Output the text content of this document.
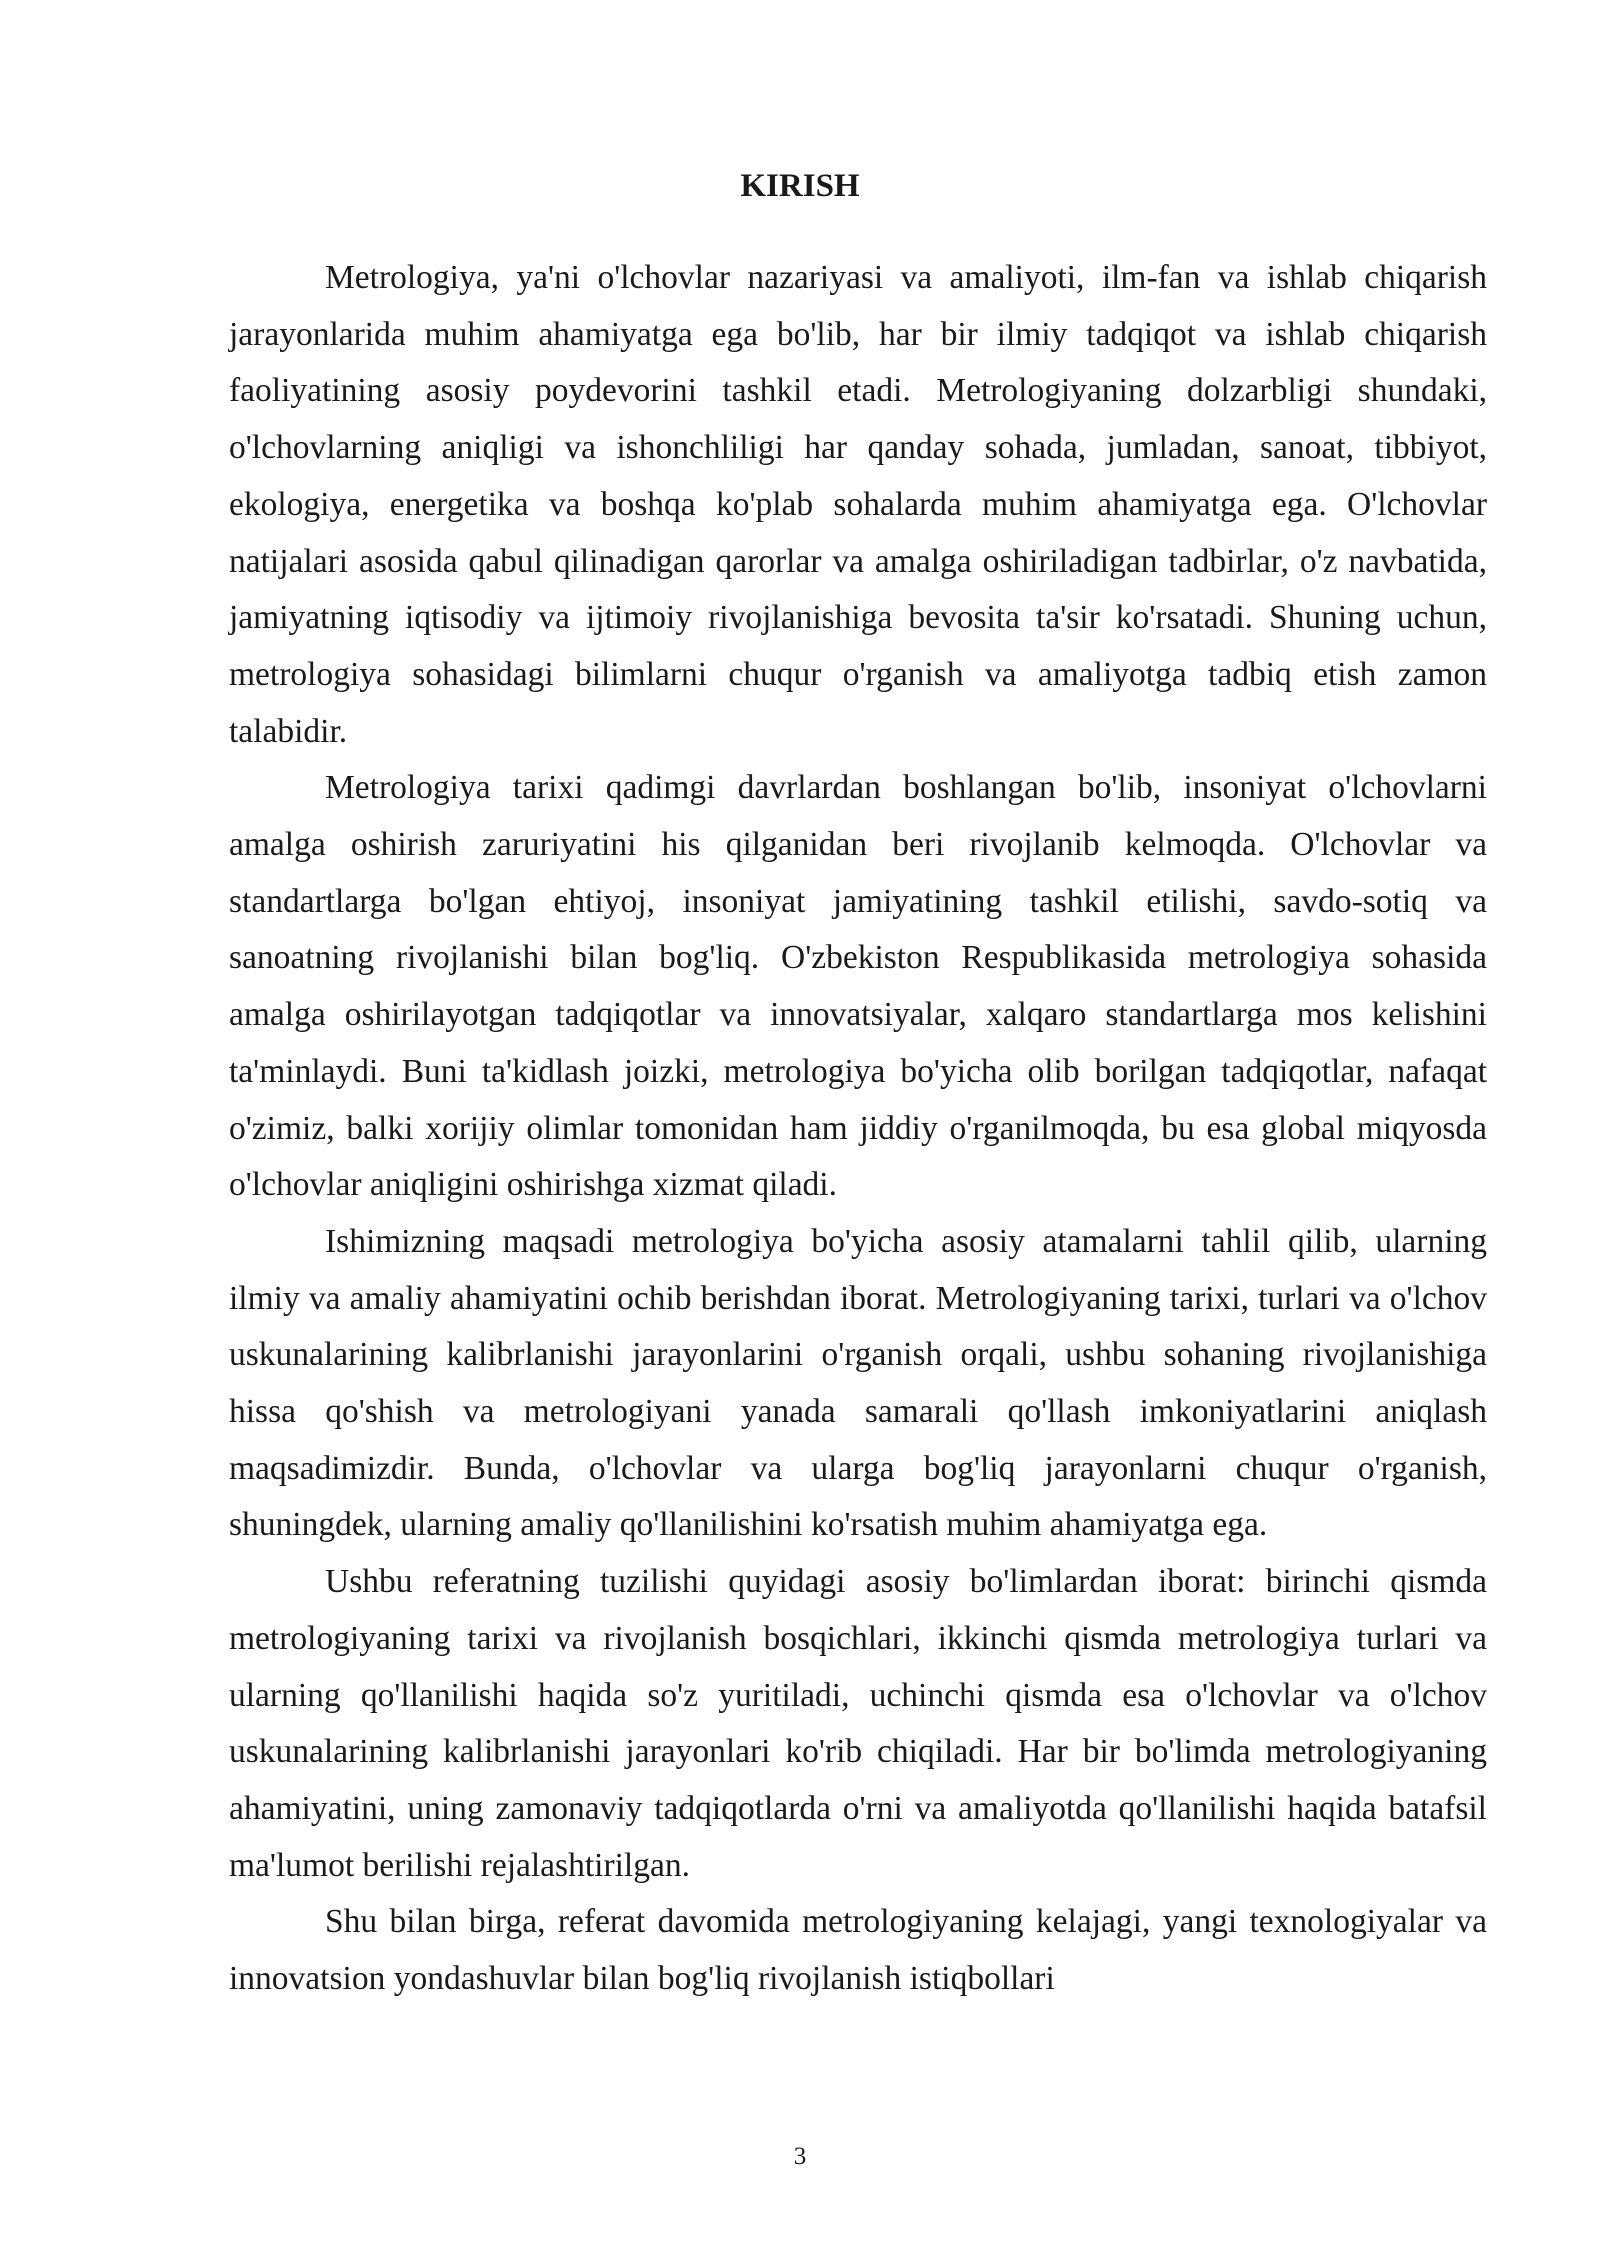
KIRISH

Metrologiya, ya'ni o'lchovlar nazariyasi va amaliyoti, ilm-fan va ishlab chiqarish jarayonlarida muhim ahamiyatga ega bo'lib, har bir ilmiy tadqiqot va ishlab chiqarish faoliyatining asosiy poydevorini tashkil etadi. Metrologiyaning dolzarbligi shundaki, o'lchovlarning aniqligi va ishonchliligi har qanday sohada, jumladan, sanoat, tibbiyot, ekologiya, energetika va boshqa ko'plab sohalarda muhim ahamiyatga ega. O'lchovlar natijalari asosida qabul qilinadigan qarorlar va amalga oshiriladigan tadbirlar, o'z navbatida, jamiyatning iqtisodiy va ijtimoiy rivojlanishiga bevosita ta'sir ko'rsatadi. Shuning uchun, metrologiya sohasidagi bilimlarni chuqur o'rganish va amaliyotga tadbiq etish zamon talabidir.

Metrologiya tarixi qadimgi davrlardan boshlangan bo'lib, insoniyat o'lchovlarni amalga oshirish zaruriyatini his qilganidan beri rivojlanib kelmoqda. O'lchovlar va standartlarga bo'lgan ehtiyoj, insoniyat jamiyatining tashkil etilishi, savdo-sotiq va sanoatning rivojlanishi bilan bog'liq. O'zbekiston Respublikasida metrologiya sohasida amalga oshirilayotgan tadqiqotlar va innovatsiyalar, xalqaro standartlarga mos kelishini ta'minlaydi. Buni ta'kidlash joizki, metrologiya bo'yicha olib borilgan tadqiqotlar, nafaqat o'zimiz, balki xorijiy olimlar tomonidan ham jiddiy o'rganilmoqda, bu esa global miqyosda o'lchovlar aniqligini oshirishga xizmat qiladi.

Ishimizning maqsadi metrologiya bo'yicha asosiy atamalarni tahlil qilib, ularning ilmiy va amaliy ahamiyatini ochib berishdan iborat. Metrologiyaning tarixi, turlari va o'lchov uskunalarining kalibrlanishi jarayonlarini o'rganish orqali, ushbu sohaning rivojlanishiga hissa qo'shish va metrologiyani yanada samarali qo'llash imkoniyatlarini aniqlash maqsadimizdir. Bunda, o'lchovlar va ularga bog'liq jarayonlarni chuqur o'rganish, shuningdek, ularning amaliy qo'llanilishini ko'rsatish muhim ahamiyatga ega.

Ushbu referatning tuzilishi quyidagi asosiy bo'limlardan iborat: birinchi qismda metrologiyaning tarixi va rivojlanish bosqichlari, ikkinchi qismda metrologiya turlari va ularning qo'llanilishi haqida so'z yuritiladi, uchinchi qismda esa o'lchovlar va o'lchov uskunalarining kalibrlanishi jarayonlari ko'rib chiqiladi. Har bir bo'limda metrologiyaning ahamiyatini, uning zamonaviy tadqiqotlarda o'rni va amaliyotda qo'llanilishi haqida batafsil ma'lumot berilishi rejalashtirilgan.

Shu bilan birga, referat davomida metrologiyaning kelajagi, yangi texnologiyalar va innovatsion yondashuvlar bilan bog'liq rivojlanish istiqbollari

3
